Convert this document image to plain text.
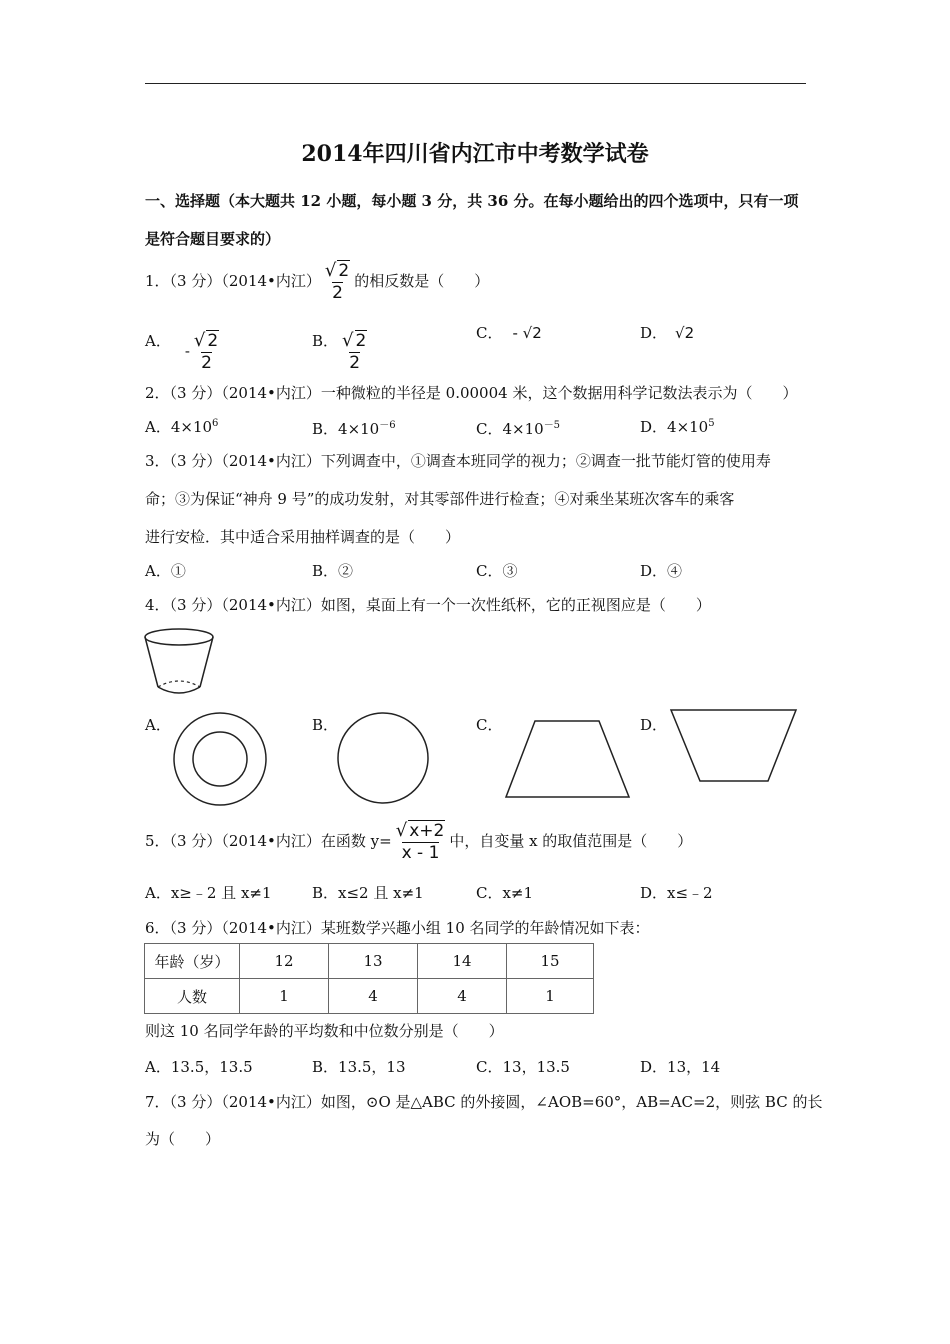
2014年四川省内江市中考数学试卷
一、选择题（本大题共 12 小题，每小题 3 分，共 36 分。在每小题给出的四个选项中，只有一项
是符合题目要求的）
1．（3 分）（2014•内江） $\frac{√ 2}{2}$ 的相反数是（　　）
A．- $\frac{√ 2}{2}$	B． $\frac{√ 2}{2}$	C． - √2	D． √2
2．（3 分）（2014•内江）一种微粒的半径是 0.00004 米，这个数据用科学记数法表示为（　　）
A．$4\times 10^6$	B．$4\times 10^{-6}$	C．$4\times 10^{-5}$	D．$4\times 10^5$
3．（3 分）（2014•内江）下列调查中，①调查本班同学的视力；②调查一批节能灯管的使用寿
命；③为保证“神舟 9 号”的成功发射，对其零部件进行检查；④对乘坐某班次客车的乘客
进行安检．其中适合采用抽样调查的是（　　）
A．①	B．②	C．③	D．④
4．（3 分）（2014•内江）如图，桌面上有一个一次性纸杯，它的正视图应是（　　）
A．	B．	C．	D．
5．（3 分）（2014•内江）在函数 $y= \frac{√ x+2}{x - 1}$ 中，自变量 x 的取值范围是（　　）
A．x≥﹣2 且 x≠1	B．x≤2 且 x≠1	C．x≠1	D．x≤﹣2
6．（3 分）（2014•内江）某班数学兴趣小组 10 名同学的年龄情况如下表：
年龄（岁）	12	13	14	15
人数	1	4	4	1
则这 10 名同学年龄的平均数和中位数分别是（　　）
A．13.5，13.5	B．13.5，13	C．13，13.5	D．13，14
7．（3 分）（2014•内江）如图，⊙O 是△ABC 的外接圆，∠AOB=60°，AB=AC=2，则弦 BC 的长
为（　　）
